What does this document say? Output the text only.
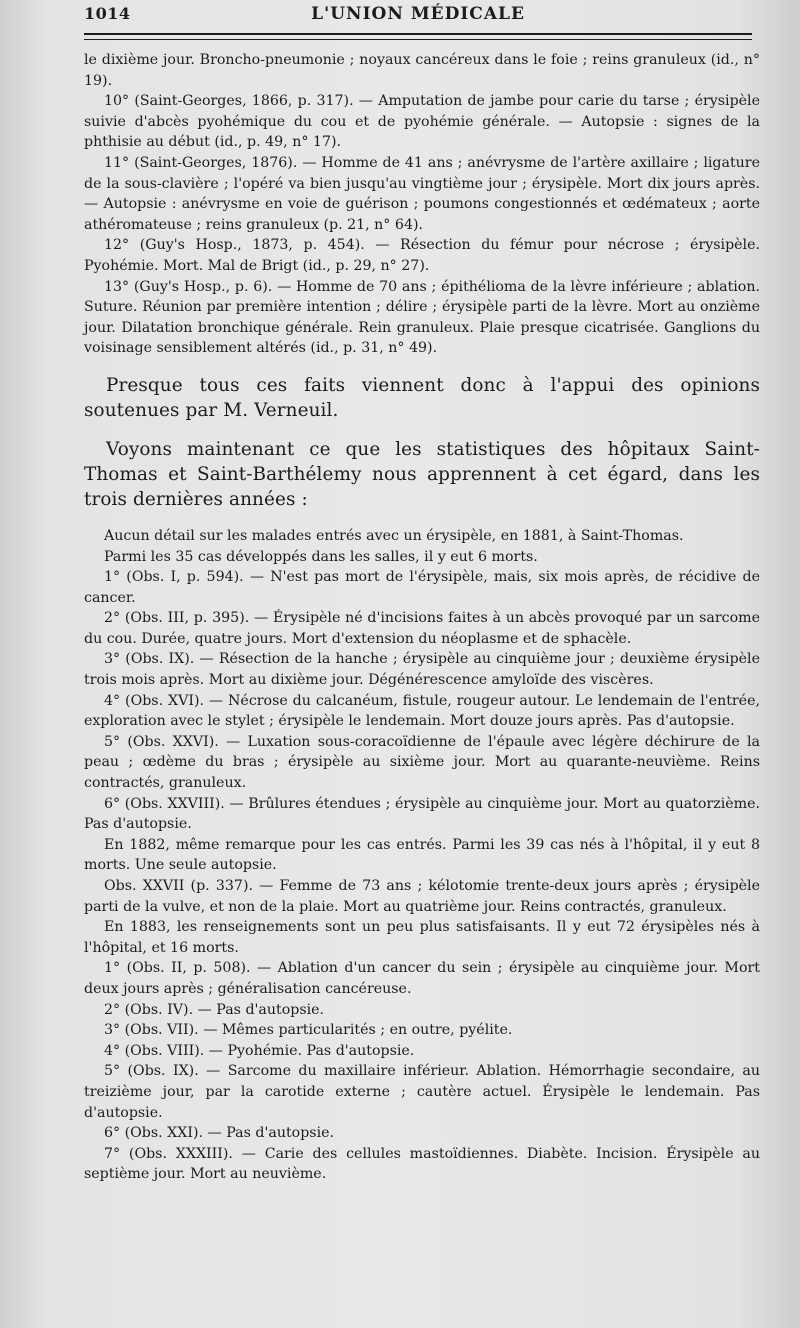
1014	L'UNION MÉDICALE

le dixième jour. Broncho-pneumonie ; noyaux cancéreux dans le foie ; reins granuleux (id., n° 19).

10° (Saint-Georges, 1866, p. 317). — Amputation de jambe pour carie du tarse ; érysipèle suivie d'abcès pyohémique du cou et de pyohémie générale. — Autopsie : signes de la phthisie au début (id., p. 49, n° 17).

11° (Saint-Georges, 1876). — Homme de 41 ans ; anévrysme de l'artère axillaire ; ligature de la sous-clavière ; l'opéré va bien jusqu'au vingtième jour ; érysipèle. Mort dix jours après. — Autopsie : anévrysme en voie de guérison ; poumons congestionnés et œdémateux ; aorte athéromateuse ; reins granuleux (p. 21, n° 64).

12° (Guy's Hosp., 1873, p. 454). — Résection du fémur pour nécrose ; érysipèle. Pyohémie. Mort. Mal de Brigt (id., p. 29, n° 27).

13° (Guy's Hosp., p. 6). — Homme de 70 ans ; épithélioma de la lèvre inférieure ; ablation. Suture. Réunion par première intention ; délire ; érysipèle parti de la lèvre. Mort au onzième jour. Dilatation bronchique générale. Rein granuleux. Plaie presque cicatrisée. Ganglions du voisinage sensiblement altérés (id., p. 31, n° 49).

Presque tous ces faits viennent donc à l'appui des opinions soutenues par M. Verneuil.

Voyons maintenant ce que les statistiques des hôpitaux Saint-Thomas et Saint-Barthélemy nous apprennent à cet égard, dans les trois dernières années :

Aucun détail sur les malades entrés avec un érysipèle, en 1881, à Saint-Thomas.

Parmi les 35 cas développés dans les salles, il y eut 6 morts.

1° (Obs. I, p. 594). — N'est pas mort de l'érysipèle, mais, six mois après, de récidive de cancer.

2° (Obs. III, p. 395). — Érysipèle né d'incisions faites à un abcès provoqué par un sarcome du cou. Durée, quatre jours. Mort d'extension du néoplasme et de sphacèle.

3° (Obs. IX). — Résection de la hanche ; érysipèle au cinquième jour ; deuxième érysipèle trois mois après. Mort au dixième jour. Dégénérescence amyloïde des viscères.

4° (Obs. XVI). — Nécrose du calcanéum, fistule, rougeur autour. Le lendemain de l'entrée, exploration avec le stylet ; érysipèle le lendemain. Mort douze jours après. Pas d'autopsie.

5° (Obs. XXVI). — Luxation sous-coracoïdienne de l'épaule avec légère déchirure de la peau ; œdème du bras ; érysipèle au sixième jour. Mort au quarante-neuvième. Reins contractés, granuleux.

6° (Obs. XXVIII). — Brûlures étendues ; érysipèle au cinquième jour. Mort au quatorzième. Pas d'autopsie.

En 1882, même remarque pour les cas entrés. Parmi les 39 cas nés à l'hôpital, il y eut 8 morts. Une seule autopsie.

Obs. XXVII (p. 337). — Femme de 73 ans ; kélotomie trente-deux jours après ; érysipèle parti de la vulve, et non de la plaie. Mort au quatrième jour. Reins contractés, granuleux.

En 1883, les renseignements sont un peu plus satisfaisants. Il y eut 72 érysipèles nés à l'hôpital, et 16 morts.

1° (Obs. II, p. 508). — Ablation d'un cancer du sein ; érysipèle au cinquième jour. Mort deux jours après ; généralisation cancéreuse.

2° (Obs. IV). — Pas d'autopsie.

3° (Obs. VII). — Mêmes particularités ; en outre, pyélite.

4° (Obs. VIII). — Pyohémie. Pas d'autopsie.

5° (Obs. IX). — Sarcome du maxillaire inférieur. Ablation. Hémorrhagie secondaire, au treizième jour, par la carotide externe ; cautère actuel. Érysipèle le lendemain. Pas d'autopsie.

6° (Obs. XXI). — Pas d'autopsie.

7° (Obs. XXXIII). — Carie des cellules mastoïdiennes. Diabète. Incision. Érysipèle au septième jour. Mort au neuvième.
